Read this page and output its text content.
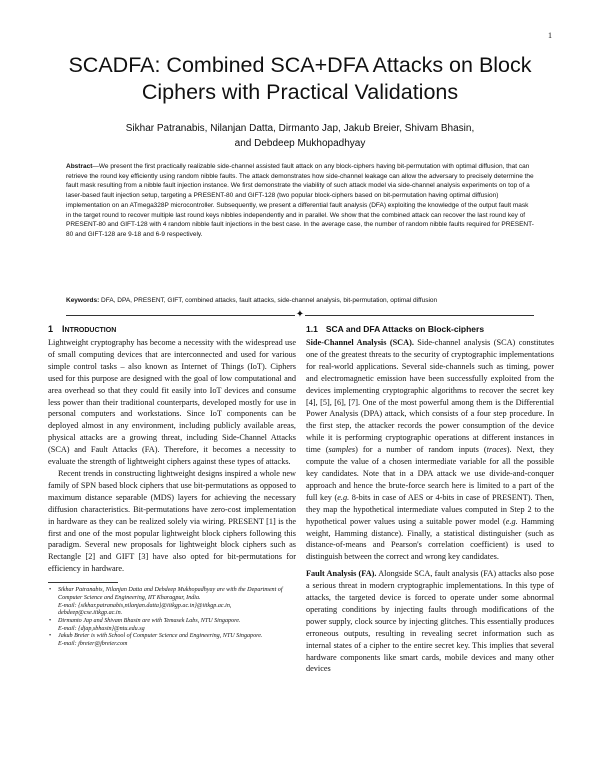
1
SCADFA: Combined SCA+DFA Attacks on Block Ciphers with Practical Validations
Sikhar Patranabis, Nilanjan Datta, Dirmanto Jap, Jakub Breier, Shivam Bhasin,
and Debdeep Mukhopadhyay
Abstract—We present the first practically realizable side-channel assisted fault attack on any block-ciphers having bit-permutation with optimal diffusion, that can retrieve the round key efficiently using random nibble faults. The attack demonstrates how side-channel leakage can allow the adversary to precisely determine the fault mask resulting from a nibble fault injection instance. We first demonstrate the viability of such attack model via side-channel analysis experiments on top of a laser-based fault injection setup, targeting a PRESENT-80 and GIFT-128 (two popular block-ciphers based on bit-permutation having optimal diffusion) implementation on an ATmega328P microcontroller. Subsequently, we present a differential fault analysis (DFA) exploiting the knowledge of the output fault mask in the target round to recover multiple last round keys nibbles independently and in parallel. We show that the combined attack can recover the last round key of PRESENT-80 and GIFT-128 with 4 random nibble fault injections in the best case. In the average case, the number of random nibble faults required for PRESENT-80 and GIFT-128 are 9-18 and 6-9 respectively.
Keywords: DFA, DPA, PRESENT, GIFT, combined attacks, fault attacks, side-channel analysis, bit-permutation, optimal diffusion
✦
1 INTRODUCTION

Lightweight cryptography has become a necessity with the widespread use of small computing devices that are interconnected and used for various simple control tasks – also known as Internet of Things (IoT). Ciphers used for this purpose are designed with the goal of low computational and area overhead so that they could fit easily into IoT devices and consume less power than their traditional counterparts, developed mostly for use in personal computers and workstations. Since IoT components can be deployed almost in any environment, including publicly available areas, physical attacks are a growing threat, including Side-Channel Attacks (SCA) and Fault Attacks (FA). Therefore, it becomes a necessity to evaluate the strength of lightweight ciphers against these types of attacks.

Recent trends in constructing lightweight designs inspired a whole new family of SPN based block ciphers that use bit-permutations as opposed to maximum distance separable (MDS) layers for achieving the necessary diffusion characteristics. Bit-permutations have zero-cost implementation in hardware as they can be realized solely via wiring. PRESENT [1] is the first and one of the most popular lightweight block ciphers following this paradigm. Several new proposals for lightweight block ciphers such as Rectangle [2] and GIFT [3] have also opted for bit-permutations for efficiency in hardware.

• Sikhar Patranabis, Nilanjan Datta and Debdeep Mukhopadhyay are with the Department of Computer Science and Engineering, IIT Kharagpur, India.
E-mail: {sikhar.patranabis,nilanjan.datta}@iitkgp.ac.in}@iitkgp.ac.in, debdeep@cse.iitkgp.ac.in.
• Dirmanto Jap and Shivam Bhasin are with Temasek Labs, NTU Singapore.
E-mail: {djap,sbhasin}@ntu.edu.sg
• Jakub Breier is with School of Computer Science and Engineering, NTU Singapore.
E-mail: jbreier@jbreier.com
1.1 SCA and DFA Attacks on Block-ciphers

Side-Channel Analysis (SCA). Side-channel analysis (SCA) constitutes one of the greatest threats to the security of cryptographic implementations for real-world applications. Several side-channels such as timing, power and electromagnetic emission have been successfully exploited from the devices implementing cryptographic algorithms to recover the secret key [4], [5], [6], [7]. One of the most powerful among them is the Differential Power Analysis (DPA) attack, which consists of a four step procedure. In the first step, the attacker records the power consumption of the device while it is performing cryptographic operations at different instances in time (samples) for a number of random inputs (traces). Next, they compute the value of a chosen intermediate variable for all the possible key candidates. Note that in a DPA attack we use divide-and-conquer approach and hence the brute-force search here is limited to a part of the full key (e.g. 8-bits in case of AES or 4-bits in case of PRESENT). Then, they map the hypothetical intermediate values computed in Step 2 to the hypothetical power values using a suitable power model (e.g. Hamming weight, Hamming distance). Finally, a statistical distinguisher (such as distance-of-means and Pearson's correlation coefficient) is used to distinguish between the correct and wrong key candidates.

Fault Analysis (FA). Alongside SCA, fault analysis (FA) attacks also pose a serious threat in modern cryptographic implementations. In this type of attacks, the targeted device is forced to operate under some abnormal operating conditions by injecting faults through modifications of the power supply, clock source by injecting glitches. This essentially produces erroneous outputs, resulting in revealing secret information such as internal states of a cipher to the entire secret key. This implies that several hardware components like smart cards, mobile devices and many other devices
